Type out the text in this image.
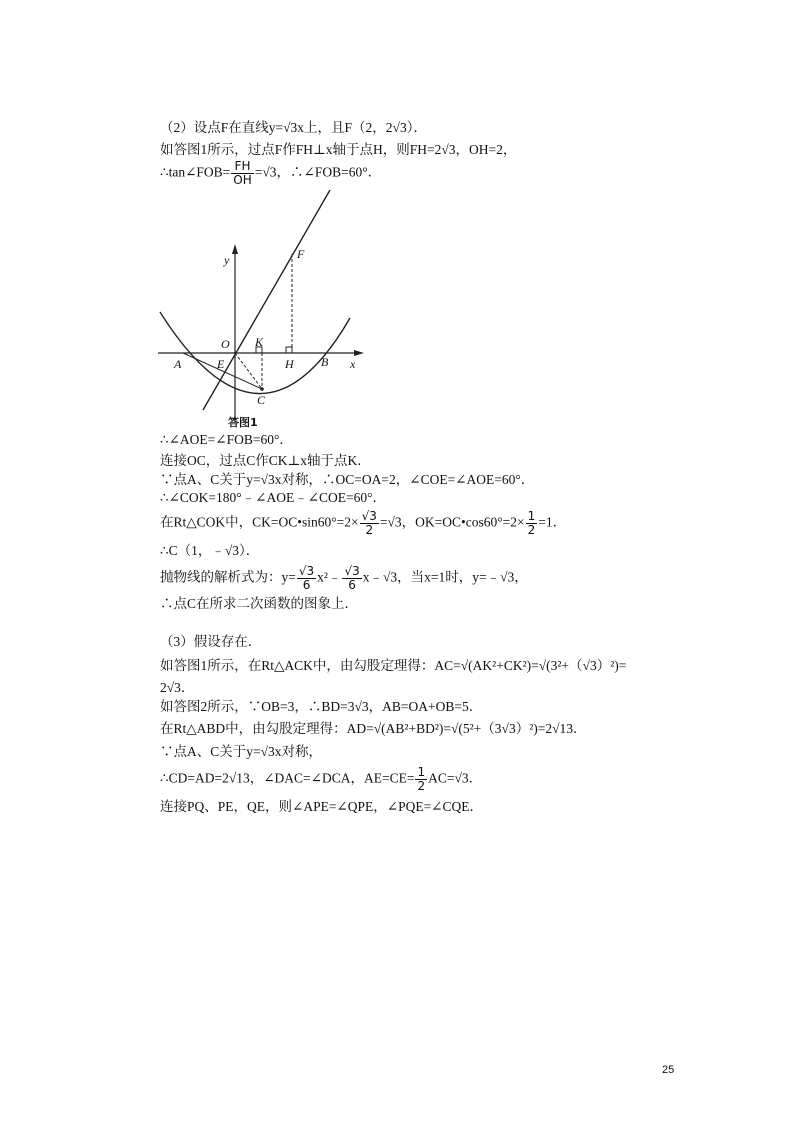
（2）设点F在直线y=√3x上，且F（2，2√3）．
如答图1所示，过点F作FH⊥x轴于点H，则FH=2√3，OH=2，
∴tan∠FOB= $\frac{FH}{OH} =√3$，∴∠FOB=60°．
y
x
O
F
K
A	E	H B
C
答图1
∴∠AOE=∠FOB=60°．
连接OC，过点C作CK⊥x轴于点K．
∵点A、C关于y=√3x对称，∴OC=OA=2，∠COE=∠AOE=60°．
∴∠COK=180°﹣∠AOE﹣∠COE=60°．
在Rt△COK中，CK=OC•sin60°=2× $\frac{√3}{2} =√3$，OK=OC•cos60°=2× $\frac{1}{2} =1$．
∴C（1，﹣√3）．
抛物线的解析式为：$y= \frac{√3}{6}$ x²﹣ $\frac{√3}{6}$ x﹣√3，当x=1时，y=﹣√3，
∴点C在所求二次函数的图象上．
（3）假设存在．
如答图1所示，在Rt△ACK中，由勾股定理得：AC=√(AK²+CK²)=√(3²+（√3）²)=
2√3．
如答图2所示，∵OB=3，∴BD=3√3，AB=OA+OB=5．
在Rt△ABD中，由勾股定理得：AD=√(AB²+BD²)=√(5²+（3√3）²)=2√13．
∵点A、C关于y=√3x对称，
∴CD=AD=2√13，∠DAC=∠DCA，$AE=CE= \frac{1}{2} AC=√3$．
连接PQ、PE，QE，则∠APE=∠QPE，∠PQE=∠CQE．
25
